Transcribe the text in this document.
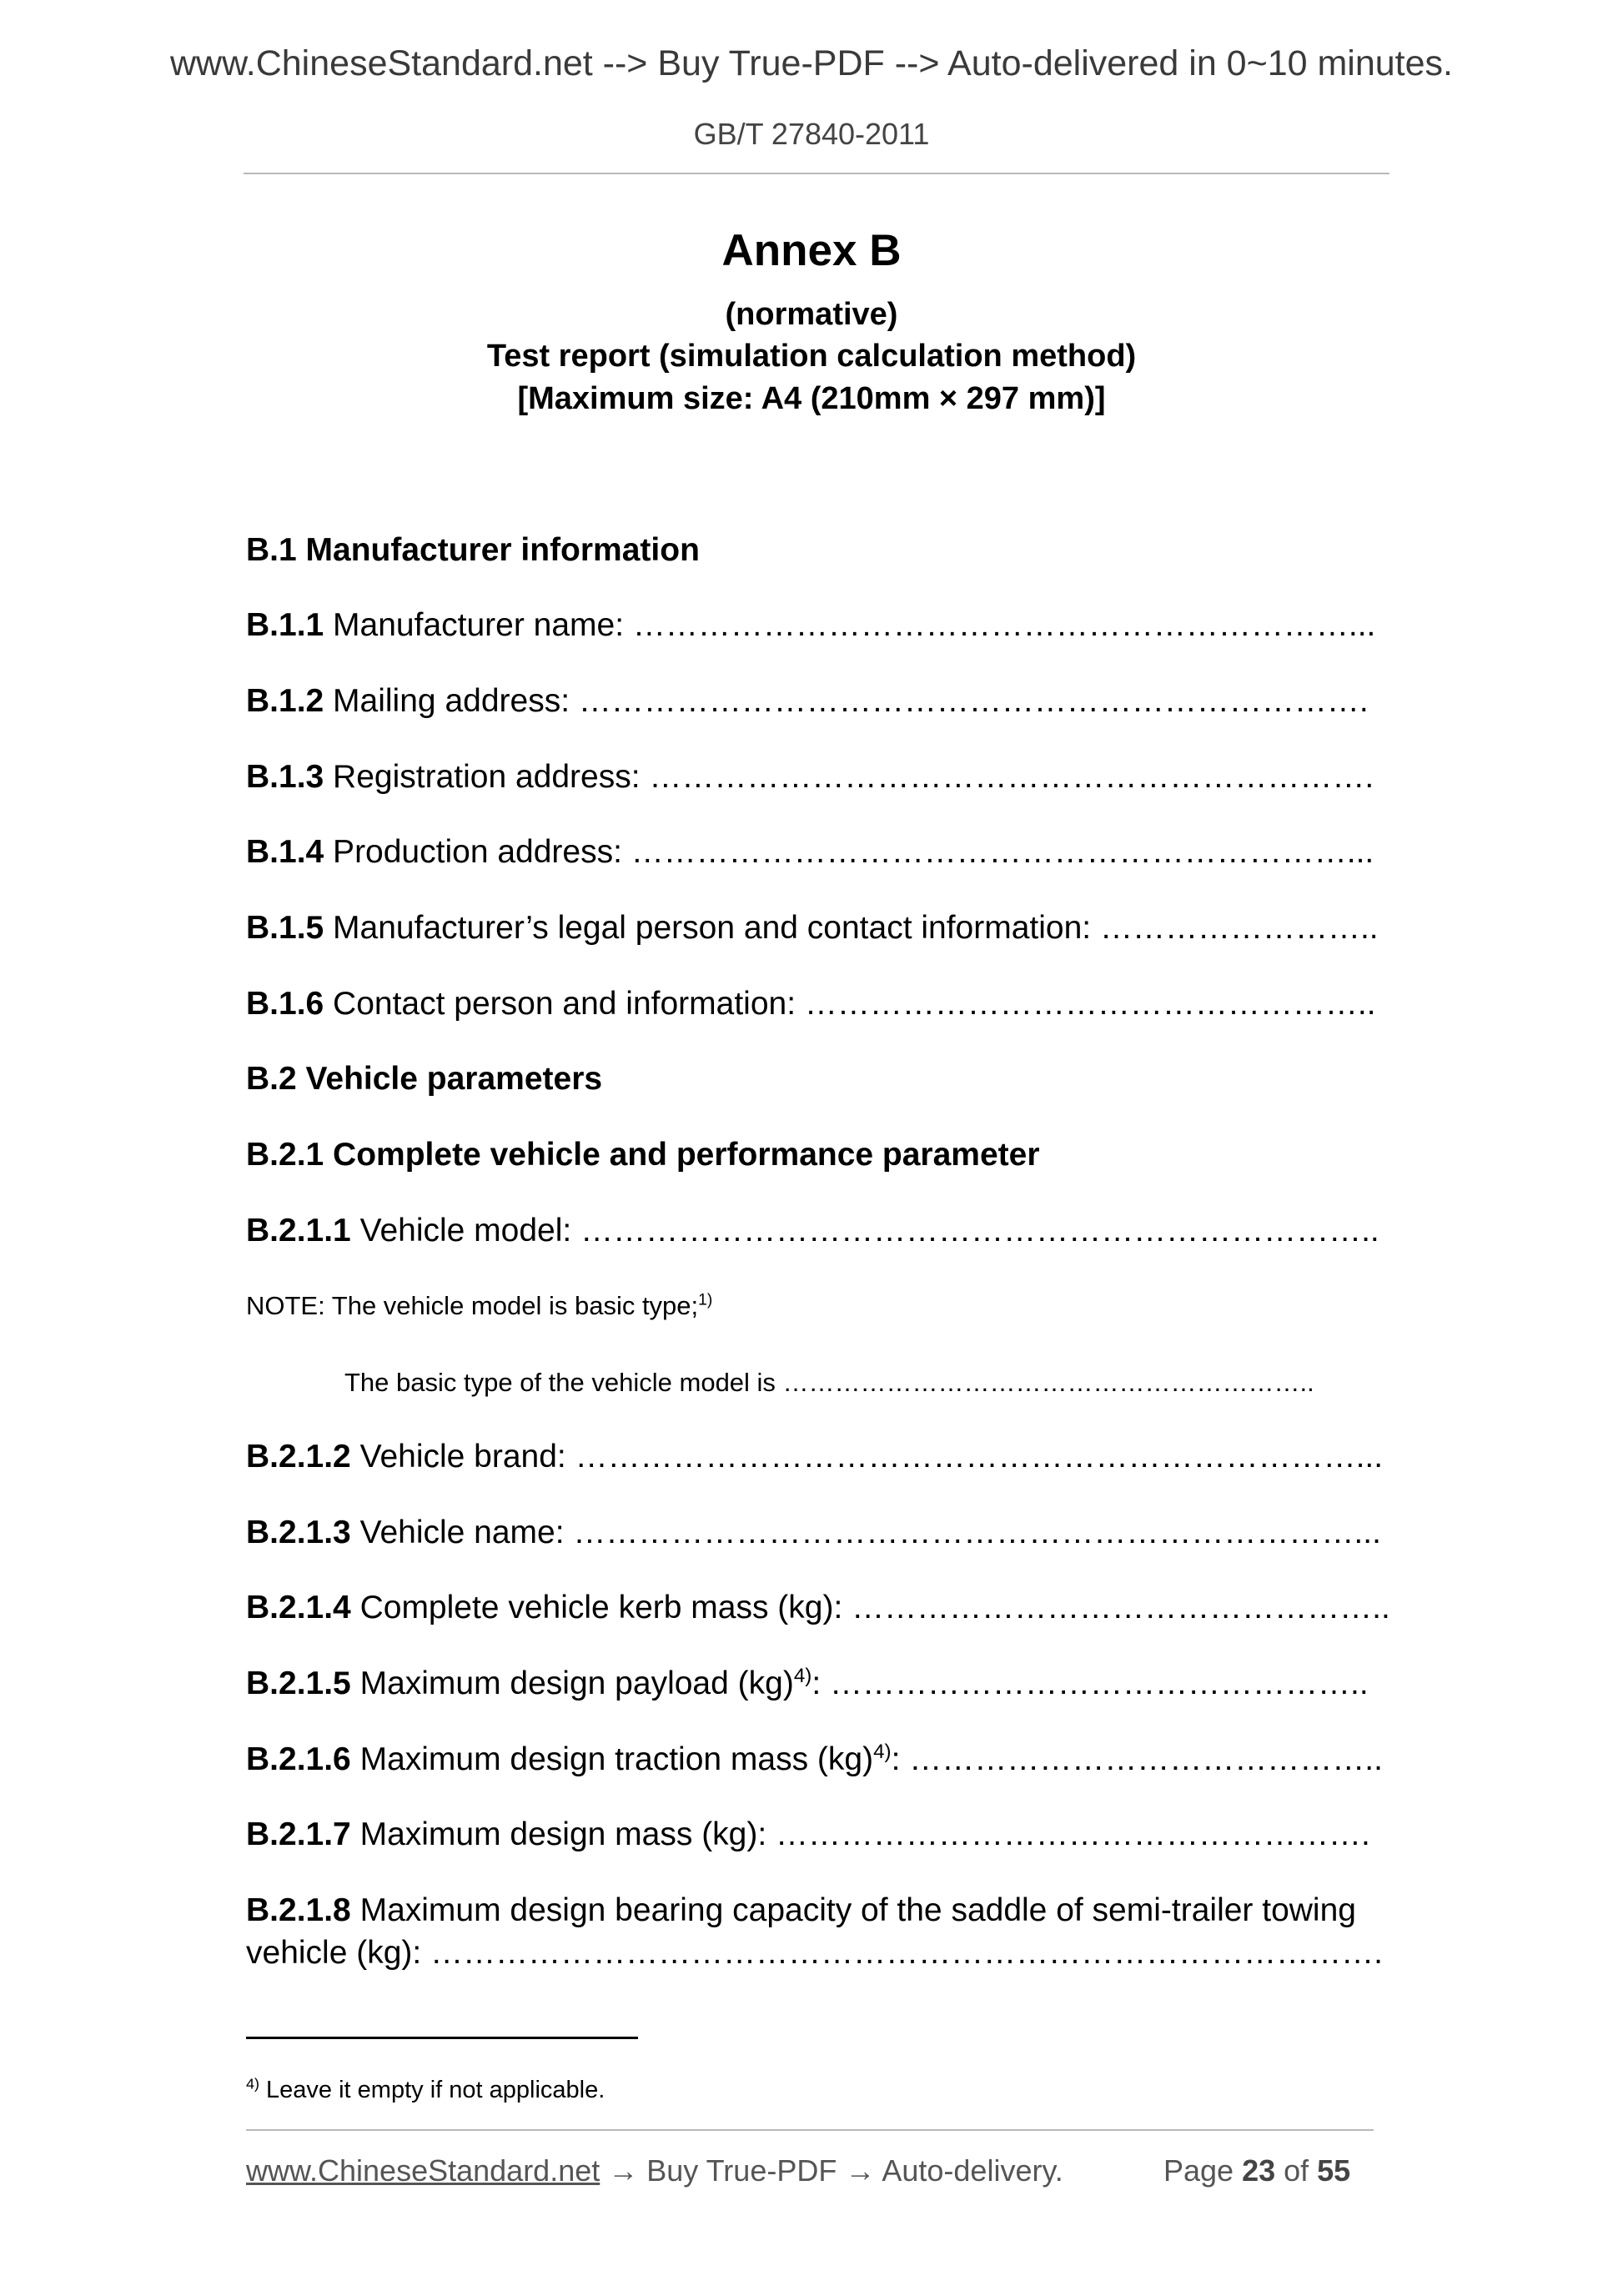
www.ChineseStandard.net --> Buy True-PDF --> Auto-delivered in 0~10 minutes.
GB/T 27840-2011
Annex B
(normative)
Test report (simulation calculation method)
[Maximum size: A4 (210mm × 297 mm)]
B.1 Manufacturer information
B.1.1 Manufacturer name: …………………………………………………………...
B.1.2 Mailing address: ……………………………………………………………….
B.1.3 Registration address: ………………………………………………………….
B.1.4 Production address: …………………………………………………………...
B.1.5 Manufacturer’s legal person and contact information: ……………………..
B.1.6 Contact person and information: ……………………………………………..
B.2 Vehicle parameters
B.2.1 Complete vehicle and performance parameter
B.2.1.1 Vehicle model: ………………………………………………………………..
NOTE: The vehicle model is basic type;$^{1)}$
The basic type of the vehicle model is ……………………………………………………..
B.2.1.2 Vehicle brand: ………………………………………………………………...
B.2.1.3 Vehicle name: ………………………………………………………………...
B.2.1.4 Complete vehicle kerb mass (kg): …………………………………………..
B.2.1.5 Maximum design payload (kg)$^{4)}$: …………………………………………..
B.2.1.6 Maximum design traction mass (kg)$^{4)}$: ……………………………………..
B.2.1.7 Maximum design mass (kg): ……………………………………………….
B.2.1.8 Maximum design bearing capacity of the saddle of semi-trailer towing
vehicle (kg): …………………………………………………………………………….
$^{4)}$ Leave it empty if not applicable.
www.ChineseStandard.net → Buy True-PDF → Auto-delivery.	Page 23 of 55
